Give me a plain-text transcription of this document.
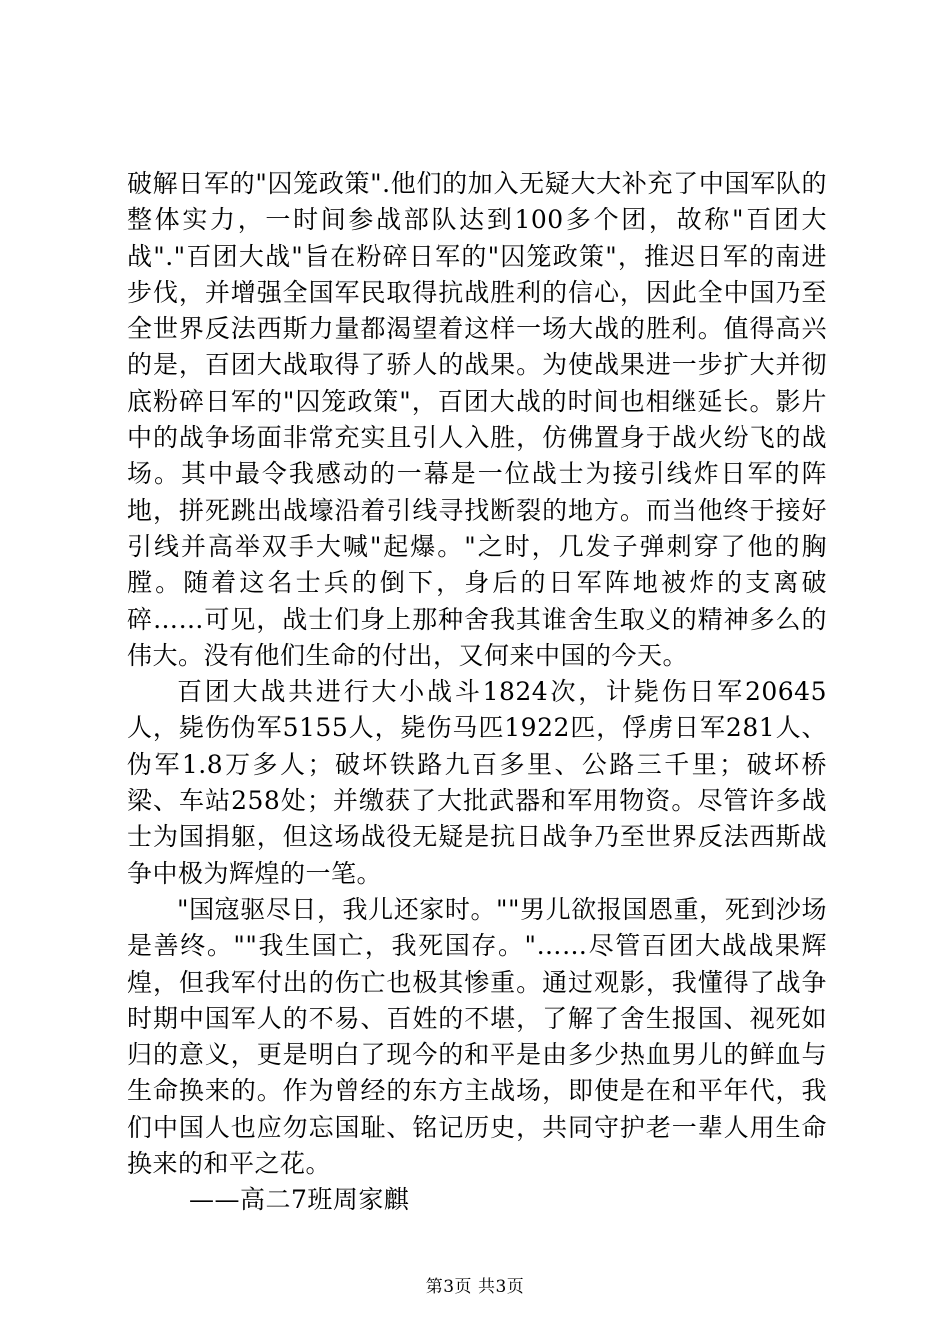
破解日军的"囚笼政策".他们的加入无疑大大补充了中国军队的整体实力，一时间参战部队达到100多个团，故称"百团大战"."百团大战"旨在粉碎日军的"囚笼政策"，推迟日军的南进步伐，并增强全国军民取得抗战胜利的信心，因此全中国乃至全世界反法西斯力量都渴望着这样一场大战的胜利。值得高兴的是，百团大战取得了骄人的战果。为使战果进一步扩大并彻底粉碎日军的"囚笼政策"，百团大战的时间也相继延长。影片中的战争场面非常充实且引人入胜，仿佛置身于战火纷飞的战场。其中最令我感动的一幕是一位战士为接引线炸日军的阵地，拼死跳出战壕沿着引线寻找断裂的地方。而当他终于接好引线并高举双手大喊"起爆。"之时，几发子弹刺穿了他的胸膛。随着这名士兵的倒下，身后的日军阵地被炸的支离破碎……可见，战士们身上那种舍我其谁舍生取义的精神多么的伟大。没有他们生命的付出，又何来中国的今天。

百团大战共进行大小战斗1824次，计毙伤日军20645人，毙伤伪军5155人，毙伤马匹1922匹，俘虏日军281人、伪军1.8万多人；破坏铁路九百多里、公路三千里；破坏桥梁、车站258处；并缴获了大批武器和军用物资。尽管许多战士为国捐躯，但这场战役无疑是抗日战争乃至世界反法西斯战争中极为辉煌的一笔。

"国寇驱尽日，我儿还家时。""男儿欲报国恩重，死到沙场是善终。""我生国亡，我死国存。"……尽管百团大战战果辉煌，但我军付出的伤亡也极其惨重。通过观影，我懂得了战争时期中国军人的不易、百姓的不堪，了解了舍生报国、视死如归的意义，更是明白了现今的和平是由多少热血男儿的鲜血与生命换来的。作为曾经的东方主战场，即使是在和平年代，我们中国人也应勿忘国耻、铭记历史，共同守护老一辈人用生命换来的和平之花。

——高二7班周家麒

第3页 共3页
